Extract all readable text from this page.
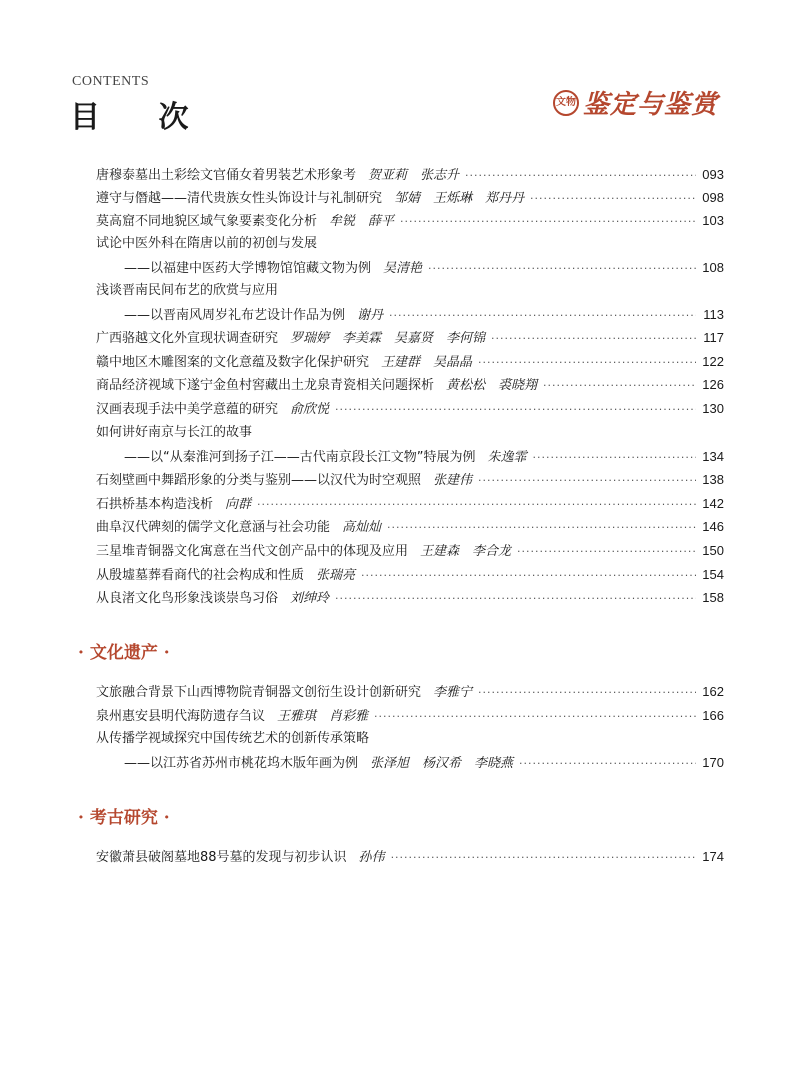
CONTENTS
目 次	文物 鉴定与鉴赏
唐穆泰墓出土彩绘文官俑女着男装艺术形象考 贺亚莉　张志升 ·····	093
遵守与僭越——清代贵族女性头饰设计与礼制研究 邹婧　王烁琳　郑丹丹 ·····	098
莫高窟不同地貌区域气象要素变化分析 牟锐　薛平 ·····	103
试论中医外科在隋唐以前的初创与发展
——以福建中医药大学博物馆馆藏文物为例 吴清艳 ·····	108
浅谈晋南民间布艺的欣赏与应用
——以晋南风周岁礼布艺设计作品为例 谢丹 ·····	113
广西骆越文化外宣现状调查研究 罗瑞婷　李美霖　吴嘉贤　李何锦 ·····	117
赣中地区木雕图案的文化意蕴及数字化保护研究 王建群　吴晶晶 ·····	122
商品经济视域下遂宁金鱼村窖藏出土龙泉青瓷相关问题探析 黄松松　裘晓翔 ·····	126
汉画表现手法中美学意蕴的研究 俞欣悦 ·····	130
如何讲好南京与长江的故事
——以“从秦淮河到扬子江——古代南京段长江文物”特展为例 朱逸霏 ·····	134
石刻壁画中舞蹈形象的分类与鉴别——以汉代为时空观照 张建伟 ·····	138
石拱桥基本构造浅析 向群 ·····	142
曲阜汉代碑刻的儒学文化意涵与社会功能 高灿灿 ·····	146
三星堆青铜器文化寓意在当代文创产品中的体现及应用 王建森　李合龙 ·····	150
从殷墟墓葬看商代的社会构成和性质 张瑞亮 ·····	154
从良渚文化鸟形象浅谈崇鸟习俗 刘绅玲 ·····	158
· 文化遗产 ·
文旅融合背景下山西博物院青铜器文创衍生设计创新研究 李雅宁 ·····	162
泉州惠安县明代海防遗存刍议 王雅琪　肖彩雅 ·····	166
从传播学视域探究中国传统艺术的创新传承策略
——以江苏省苏州市桃花坞木版年画为例 张泽旭　杨汉希　李晓燕 ·····	170
· 考古研究 ·
安徽萧县破阁墓地88号墓的发现与初步认识 孙伟 ·····	174
